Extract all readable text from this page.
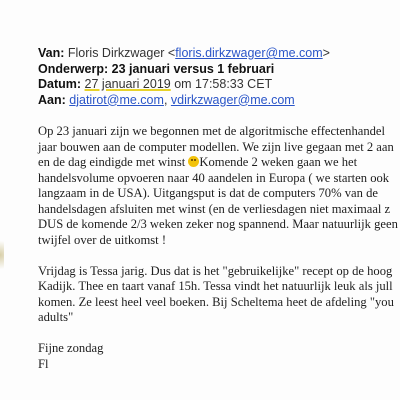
Van: Floris Dirkzwager <floris.dirkzwager@me.com>
Onderwerp: 23 januari versus 1 februari
Datum: 27 januari 2019 om 17:58:33 CET
Aan: djatirot@me.com, vdirkzwager@me.com
Op 23 januari zijn we begonnen met de algoritmische effectenhandel
jaar bouwen aan de computer modellen. We zijn live gegaan met 2 aan
en de dag eindigde met winst Komende 2 weken gaan we het
handelsvolume opvoeren naar 40 aandelen in Europa ( we starten ook
langzaam in de USA). Uitgangsput is dat de computers 70% van de
handelsdagen afsluiten met winst (en de verliesdagen niet maximaal z
DUS de komende 2/3 weken zeker nog spannend. Maar natuurlijk geen
twijfel over de uitkomst !
Vrijdag is Tessa jarig. Dus dat is het "gebruikelijke" recept op de hoog
Kadijk. Thee en taart vanaf 15h. Tessa vindt het natuurlijk leuk als jull
komen. Ze leest heel veel boeken. Bij Scheltema heet de afdeling "you
adults"
Fijne zondag
Fl
